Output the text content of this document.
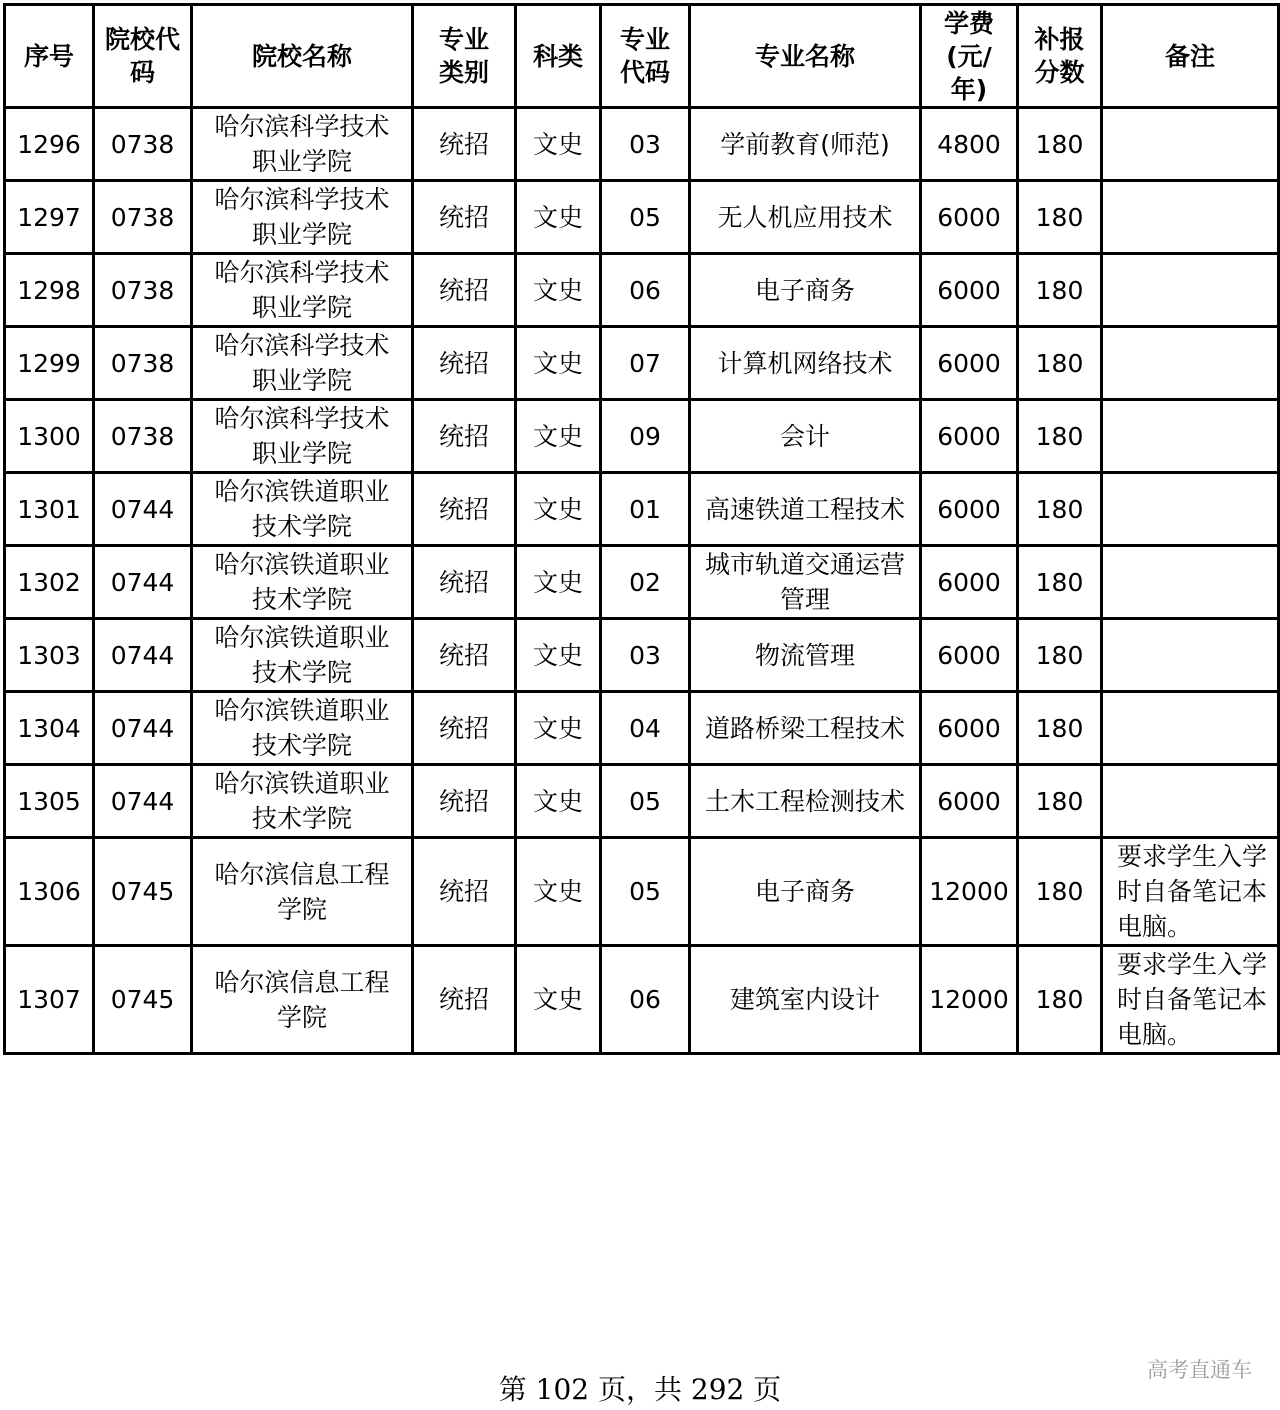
序号	院校代码	院校名称	专业类别	科类	专业代码	专业名称	学费(元/年)	补报分数	备注
1296	0738	哈尔滨科学技术职业学院	统招	文史	03	学前教育(师范)	4800	180	
1297	0738	哈尔滨科学技术职业学院	统招	文史	05	无人机应用技术	6000	180	
1298	0738	哈尔滨科学技术职业学院	统招	文史	06	电子商务	6000	180	
1299	0738	哈尔滨科学技术职业学院	统招	文史	07	计算机网络技术	6000	180	
1300	0738	哈尔滨科学技术职业学院	统招	文史	09	会计	6000	180	
1301	0744	哈尔滨铁道职业技术学院	统招	文史	01	高速铁道工程技术	6000	180	
1302	0744	哈尔滨铁道职业技术学院	统招	文史	02	城市轨道交通运营管理	6000	180	
1303	0744	哈尔滨铁道职业技术学院	统招	文史	03	物流管理	6000	180	
1304	0744	哈尔滨铁道职业技术学院	统招	文史	04	道路桥梁工程技术	6000	180	
1305	0744	哈尔滨铁道职业技术学院	统招	文史	05	土木工程检测技术	6000	180	
1306	0745	哈尔滨信息工程学院	统招	文史	05	电子商务	12000	180	要求学生入学时自备笔记本电脑。
1307	0745	哈尔滨信息工程学院	统招	文史	06	建筑室内设计	12000	180	要求学生入学时自备笔记本电脑。
第 102 页，共 292 页
高考直通车
